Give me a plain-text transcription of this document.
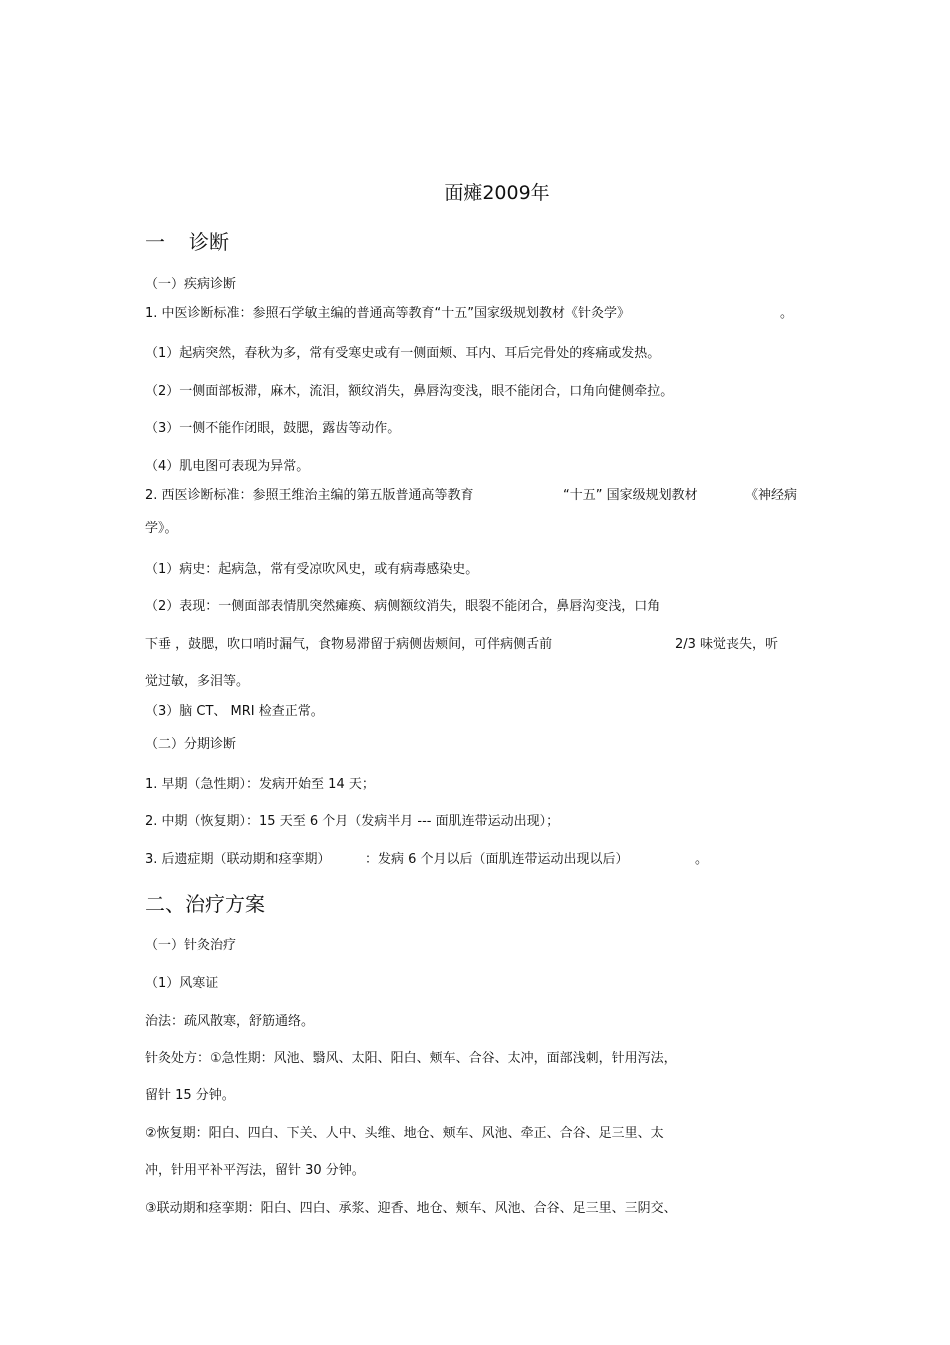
面瘫2009年
一 诊断
（一）疾病诊断
1. 中医诊断标准：参照石学敏主编的普通高等教育“十五”国家级规划教材《针灸学》	。
（1）起病突然，春秋为多，常有受寒史或有一侧面颊、耳内、耳后完骨处的疼痛或发热。
（2）一侧面部板滞，麻木，流泪，额纹消失，鼻唇沟变浅，眼不能闭合，口角向健侧牵拉。
（3）一侧不能作闭眼，鼓腮，露齿等动作。
（4）肌电图可表现为异常。
2. 西医诊断标准：参照王维治主编的第五版普通高等教育	“十五” 国家级规划教材	《神经病
学》。
（1）病史：起病急，常有受凉吹风史，或有病毒感染史。
（2）表现：一侧面部表情肌突然瘫痪、病侧额纹消失，眼裂不能闭合，鼻唇沟变浅，口角
下垂 ，鼓腮，吹口哨时漏气，食物易滞留于病侧齿颊间，可伴病侧舌前	2/3 味觉丧失，听
觉过敏，多泪等。
（3）脑 CT、 MRI 检查正常。
（二）分期诊断
1. 早期（急性期）：发病开始至 14 天；
2. 中期（恢复期）：15 天至 6 个月（发病半月 --- 面肌连带运动出现）；
3. 后遗症期（联动期和痉挛期）	：发病 6 个月以后（面肌连带运动出现以后）	。
二、治疗方案
（一）针灸治疗
（1）风寒证
治法：疏风散寒，舒筋通络。
针灸处方：①急性期：风池、翳风、太阳、阳白、颊车、合谷、太冲，面部浅刺，针用泻法，
留针 15 分钟。
②恢复期：阳白、四白、下关、人中、头维、地仓、颊车、风池、牵正、合谷、足三里、太
冲，针用平补平泻法，留针 30 分钟。
③联动期和痉挛期：阳白、四白、承浆、迎香、地仓、颊车、风池、合谷、足三里、三阴交、
